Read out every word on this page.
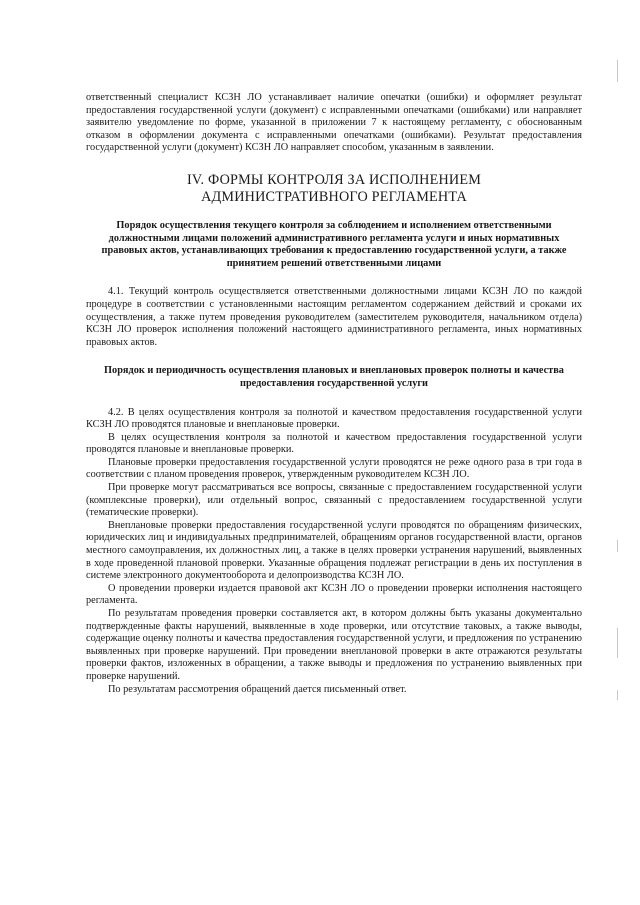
ответственный специалист КСЗН ЛО устанавливает наличие опечатки (ошибки) и оформляет результат предоставления государственной услуги (документ) с исправленными опечатками (ошибками) или направляет заявителю уведомление по форме, указанной в приложении 7 к настоящему регламенту, с обоснованным отказом в оформлении документа с исправленными опечатками (ошибками). Результат предоставления государственной услуги (документ) КСЗН ЛО направляет способом, указанным в заявлении.

IV. ФОРМЫ КОНТРОЛЯ ЗА ИСПОЛНЕНИЕМ
АДМИНИСТРАТИВНОГО РЕГЛАМЕНТА

Порядок осуществления текущего контроля за соблюдением и исполнением ответственными должностными лицами положений административного регламента услуги и иных нормативных правовых актов, устанавливающих требования к предоставлению государственной услуги, а также принятием решений ответственными лицами

4.1. Текущий контроль осуществляется ответственными должностными лицами КСЗН ЛО по каждой процедуре в соответствии с установленными настоящим регламентом содержанием действий и сроками их осуществления, а также путем проведения руководителем (заместителем руководителя, начальником отдела) КСЗН ЛО проверок исполнения положений настоящего административного регламента, иных нормативных правовых актов.

Порядок и периодичность осуществления плановых и внеплановых проверок полноты и качества предоставления государственной услуги

4.2. В целях осуществления контроля за полнотой и качеством предоставления государственной услуги КСЗН ЛО проводятся плановые и внеплановые проверки.

В целях осуществления контроля за полнотой и качеством предоставления государственной услуги проводятся плановые и внеплановые проверки.

Плановые проверки предоставления государственной услуги проводятся не реже одного раза в три года в соответствии с планом проведения проверок, утвержденным руководителем КСЗН ЛО.

При проверке могут рассматриваться все вопросы, связанные с предоставлением государственной услуги (комплексные проверки), или отдельный вопрос, связанный с предоставлением государственной услуги (тематические проверки).

Внеплановые проверки предоставления государственной услуги проводятся по обращениям физических, юридических лиц и индивидуальных предпринимателей, обращениям органов государственной власти, органов местного самоуправления, их должностных лиц, а также в целях проверки устранения нарушений, выявленных в ходе проведенной плановой проверки. Указанные обращения подлежат регистрации в день их поступления в системе электронного документооборота и делопроизводства КСЗН ЛО.

О проведении проверки издается правовой акт КСЗН ЛО о проведении проверки исполнения настоящего регламента.

По результатам проведения проверки составляется акт, в котором должны быть указаны документально подтвержденные факты нарушений, выявленные в ходе проверки, или отсутствие таковых, а также выводы, содержащие оценку полноты и качества предоставления государственной услуги, и предложения по устранению выявленных при проверке нарушений. При проведении внеплановой проверки в акте отражаются результаты проверки фактов, изложенных в обращении, а также выводы и предложения по устранению выявленных при проверке нарушений.

По результатам рассмотрения обращений дается письменный ответ.
